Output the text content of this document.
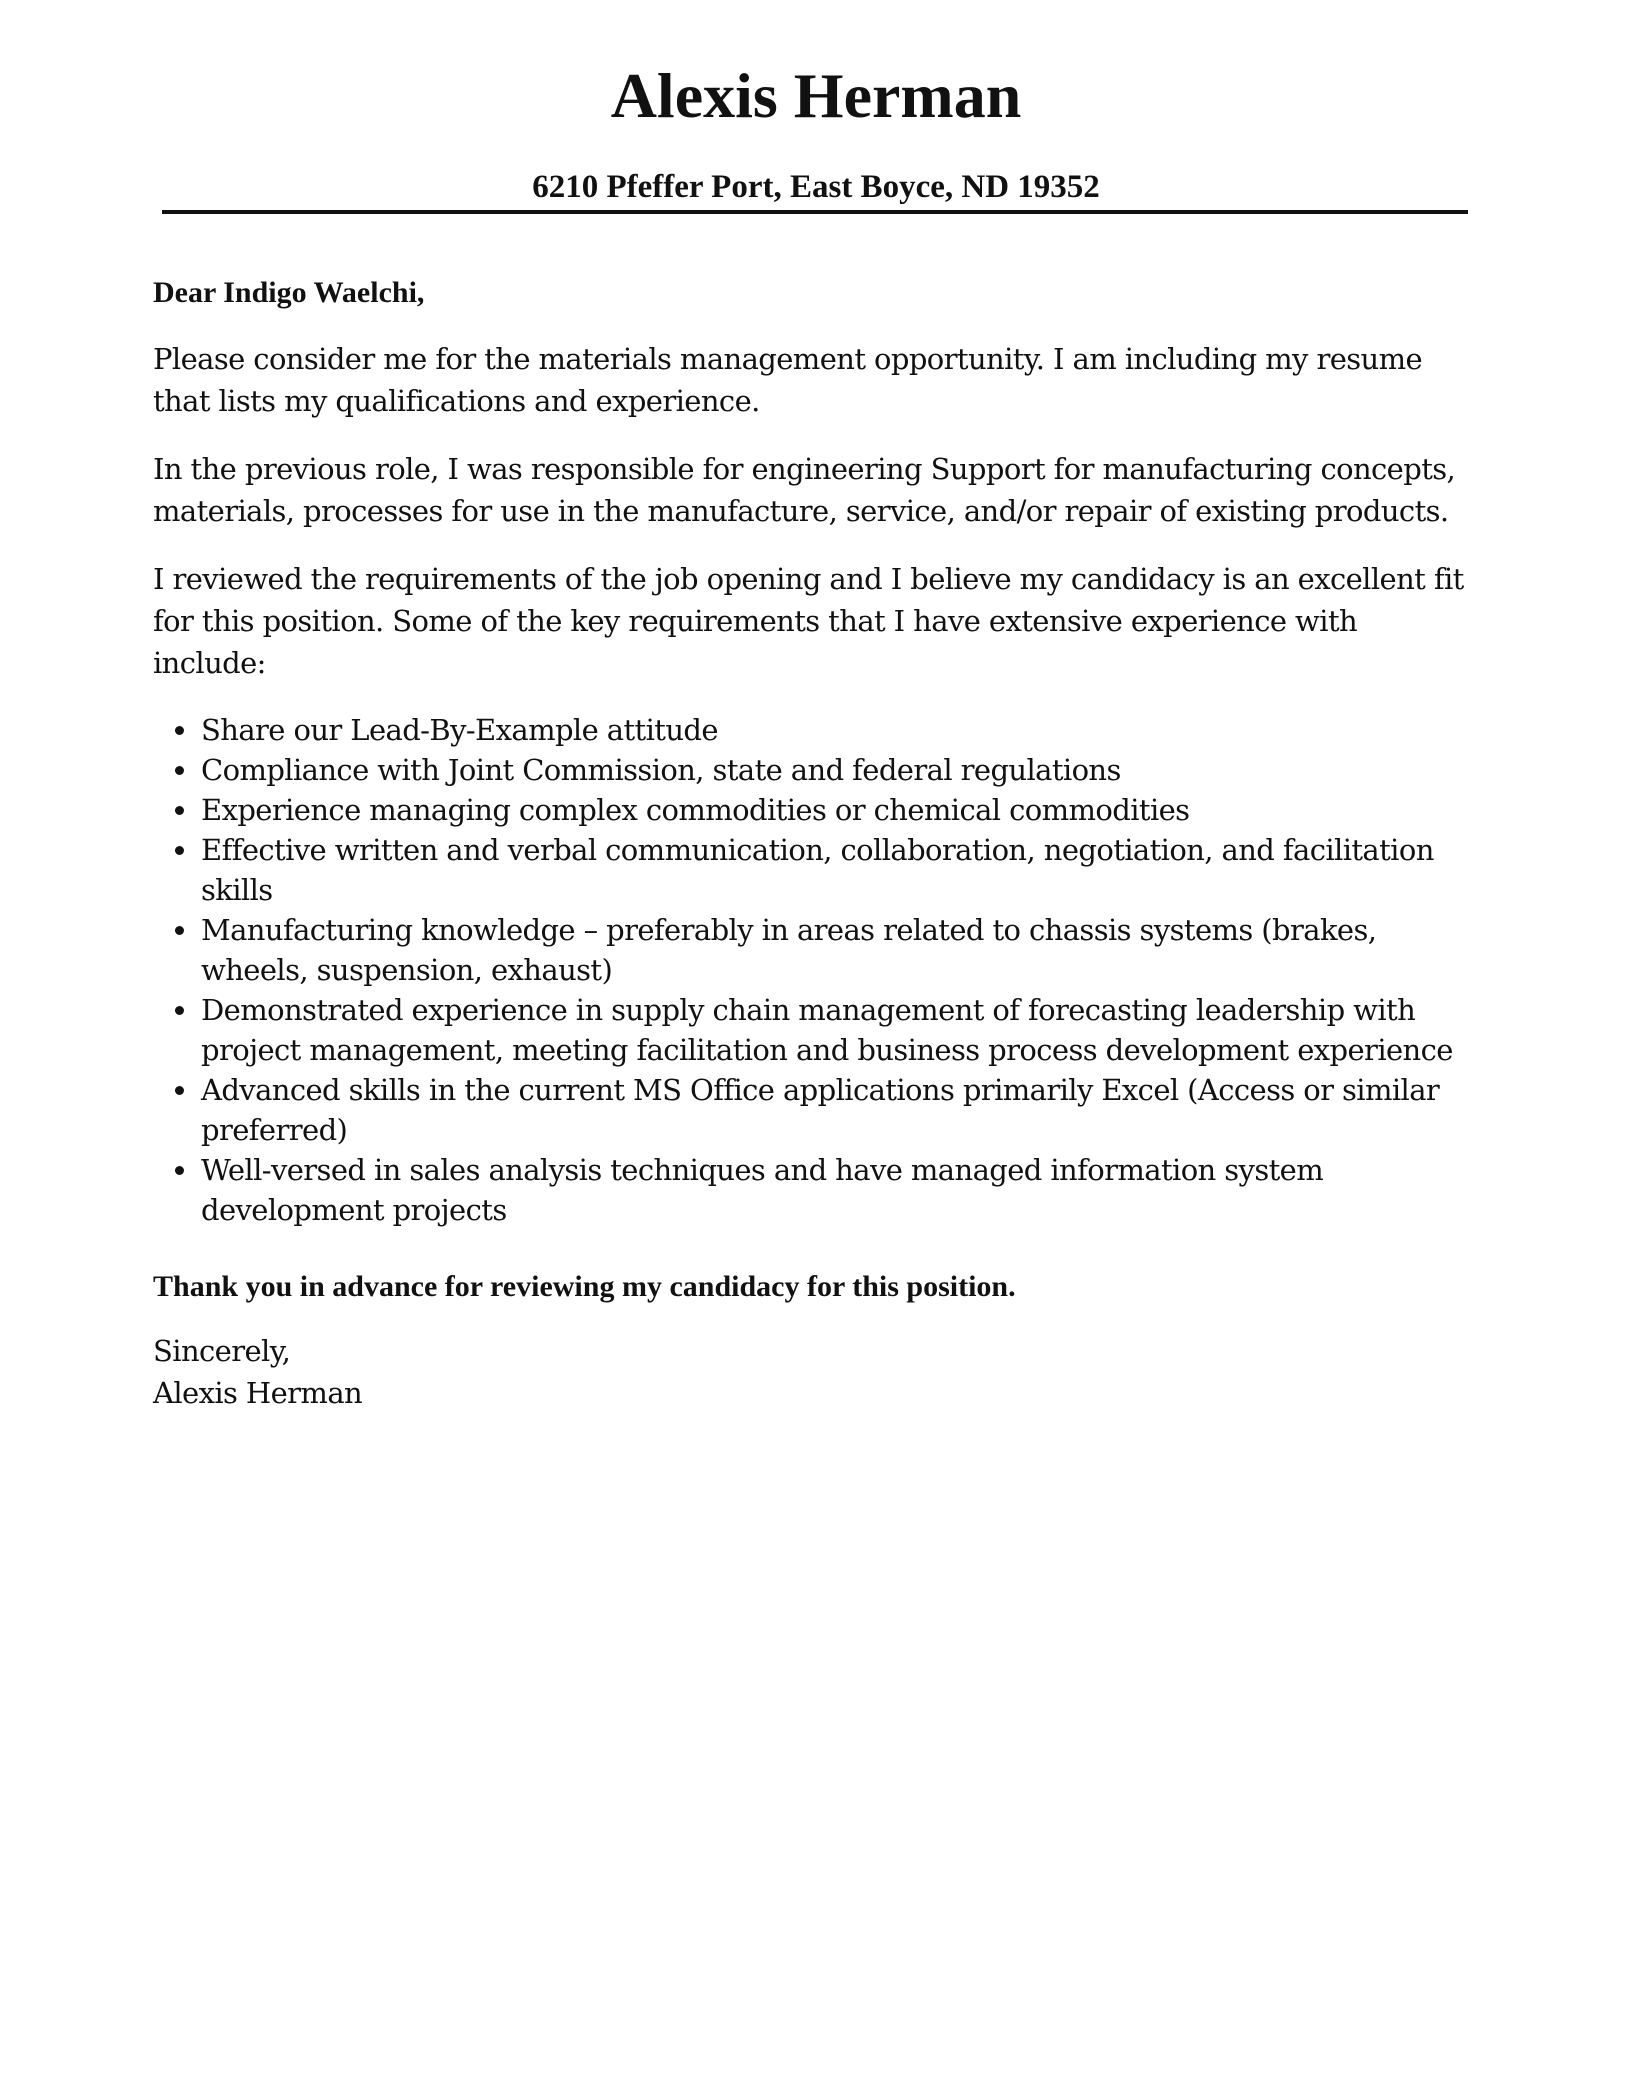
Alexis Herman
6210 Pfeffer Port, East Boyce, ND 19352

Dear Indigo Waelchi,

Please consider me for the materials management opportunity. I am including my resume that lists my qualifications and experience.

In the previous role, I was responsible for engineering Support for manufacturing concepts, materials, processes for use in the manufacture, service, and/or repair of existing products.

I reviewed the requirements of the job opening and I believe my candidacy is an excellent fit for this position. Some of the key requirements that I have extensive experience with include:

Share our Lead-By-Example attitude
Compliance with Joint Commission, state and federal regulations
Experience managing complex commodities or chemical commodities
Effective written and verbal communication, collaboration, negotiation, and facilitation skills
Manufacturing knowledge – preferably in areas related to chassis systems (brakes, wheels, suspension, exhaust)
Demonstrated experience in supply chain management of forecasting leadership with project management, meeting facilitation and business process development experience
Advanced skills in the current MS Office applications primarily Excel (Access or similar preferred)
Well-versed in sales analysis techniques and have managed information system development projects

Thank you in advance for reviewing my candidacy for this position.

Sincerely,

Alexis Herman
